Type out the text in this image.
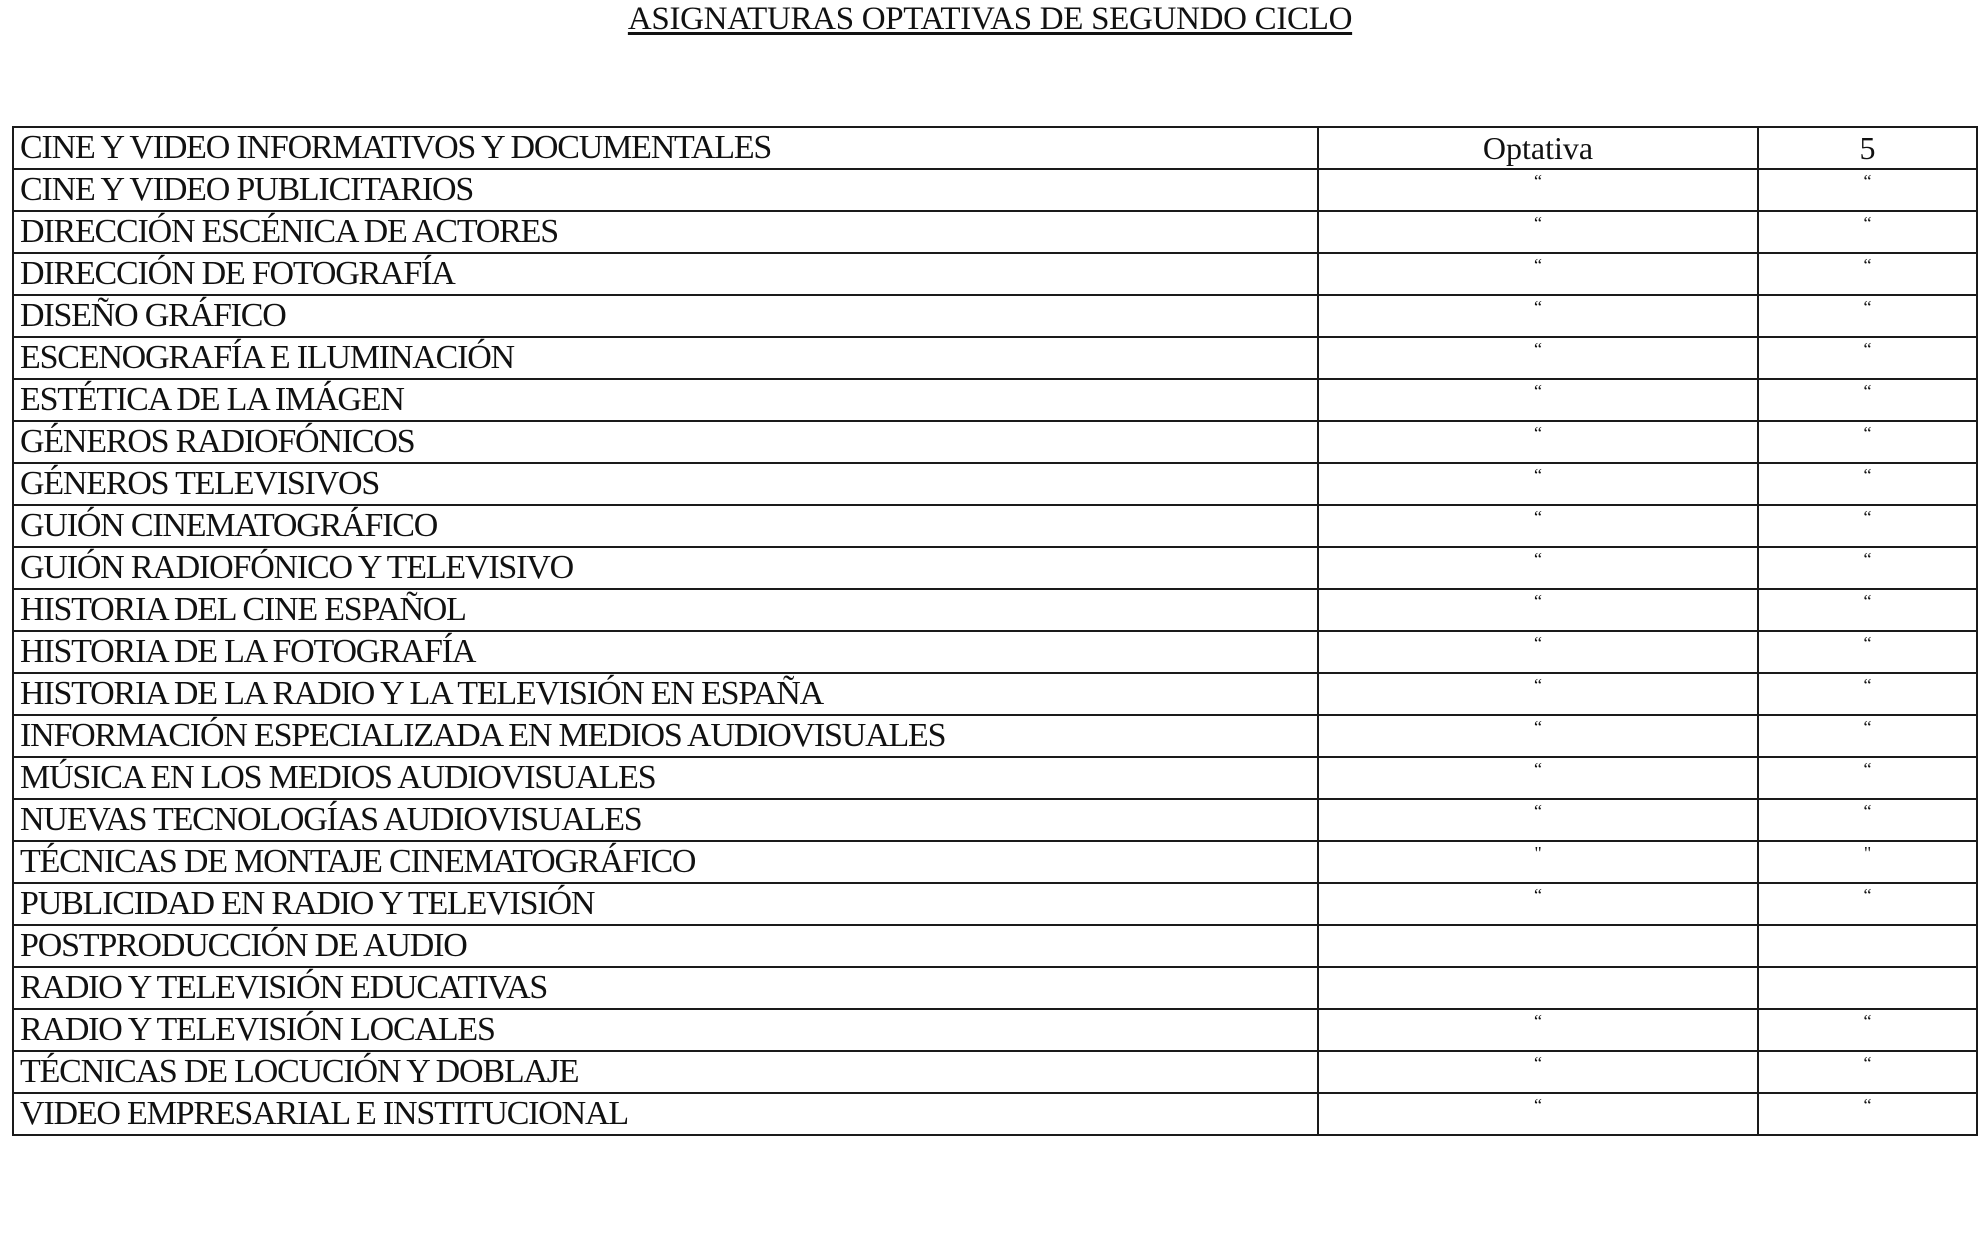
ASIGNATURAS OPTATIVAS DE SEGUNDO CICLO
CINE Y VIDEO INFORMATIVOS Y DOCUMENTALES	Optativa	5
CINE Y VIDEO PUBLICITARIOS	“	“
DIRECCIÓN ESCÉNICA DE ACTORES	“	“
DIRECCIÓN DE FOTOGRAFÍA	“	“
DISEÑO GRÁFICO	“	“
ESCENOGRAFÍA E ILUMINACIÓN	“	“
ESTÉTICA DE LA IMÁGEN	“	“
GÉNEROS RADIOFÓNICOS	“	“
GÉNEROS TELEVISIVOS	“	“
GUIÓN CINEMATOGRÁFICO	“	“
GUIÓN RADIOFÓNICO Y TELEVISIVO	“	“
HISTORIA DEL CINE ESPAÑOL	“	“
HISTORIA DE LA FOTOGRAFÍA	“	“
HISTORIA DE LA RADIO Y LA TELEVISIÓN EN ESPAÑA	“	“
INFORMACIÓN ESPECIALIZADA EN MEDIOS AUDIOVISUALES	“	“
MÚSICA EN LOS MEDIOS AUDIOVISUALES	“	“
NUEVAS TECNOLOGÍAS AUDIOVISUALES	“	“
TÉCNICAS DE MONTAJE CINEMATOGRÁFICO	"	"
PUBLICIDAD EN RADIO Y TELEVISIÓN	“	“
POSTPRODUCCIÓN DE AUDIO		
RADIO Y TELEVISIÓN EDUCATIVAS		
RADIO Y TELEVISIÓN LOCALES	“	“
TÉCNICAS DE LOCUCIÓN Y DOBLAJE	“	“
VIDEO EMPRESARIAL E INSTITUCIONAL	“	“
